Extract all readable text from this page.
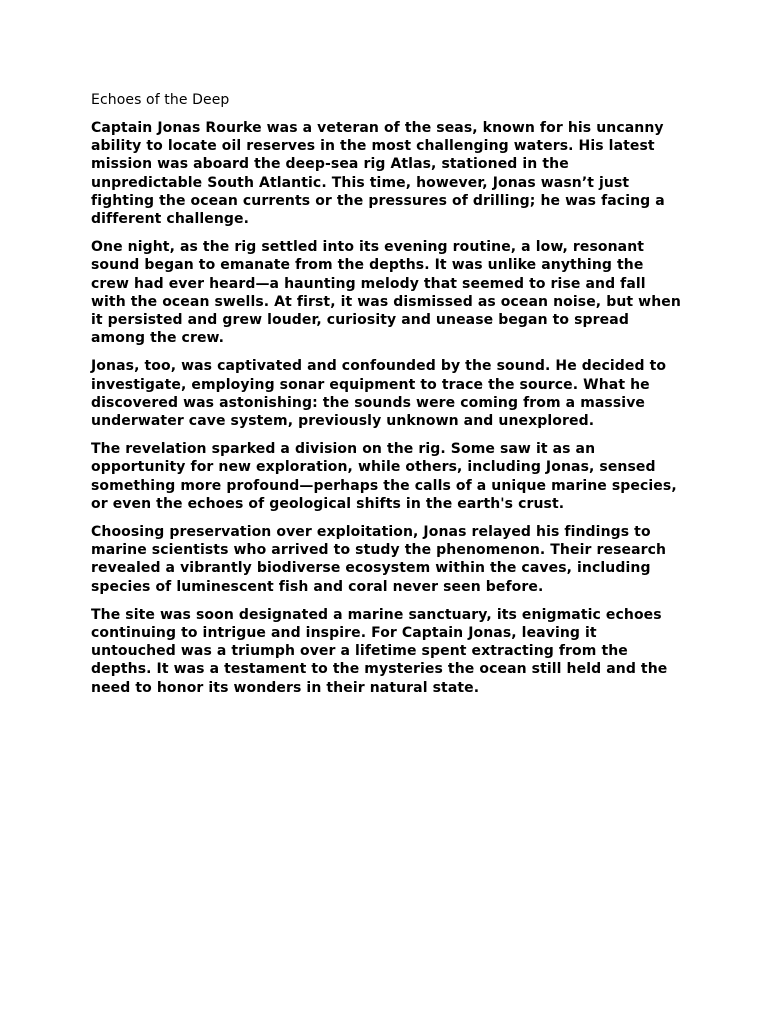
Echoes of the Deep

Captain Jonas Rourke was a veteran of the seas, known for his uncanny ability to locate oil reserves in the most challenging waters. His latest mission was aboard the deep-sea rig Atlas, stationed in the unpredictable South Atlantic. This time, however, Jonas wasn’t just fighting the ocean currents or the pressures of drilling; he was facing a different challenge.

One night, as the rig settled into its evening routine, a low, resonant sound began to emanate from the depths. It was unlike anything the crew had ever heard—a haunting melody that seemed to rise and fall with the ocean swells. At first, it was dismissed as ocean noise, but when it persisted and grew louder, curiosity and unease began to spread among the crew.

Jonas, too, was captivated and confounded by the sound. He decided to investigate, employing sonar equipment to trace the source. What he discovered was astonishing: the sounds were coming from a massive underwater cave system, previously unknown and unexplored.

The revelation sparked a division on the rig. Some saw it as an opportunity for new exploration, while others, including Jonas, sensed something more profound—perhaps the calls of a unique marine species, or even the echoes of geological shifts in the earth's crust.

Choosing preservation over exploitation, Jonas relayed his findings to marine scientists who arrived to study the phenomenon. Their research revealed a vibrantly biodiverse ecosystem within the caves, including species of luminescent fish and coral never seen before.

The site was soon designated a marine sanctuary, its enigmatic echoes continuing to intrigue and inspire. For Captain Jonas, leaving it untouched was a triumph over a lifetime spent extracting from the depths. It was a testament to the mysteries the ocean still held and the need to honor its wonders in their natural state.
